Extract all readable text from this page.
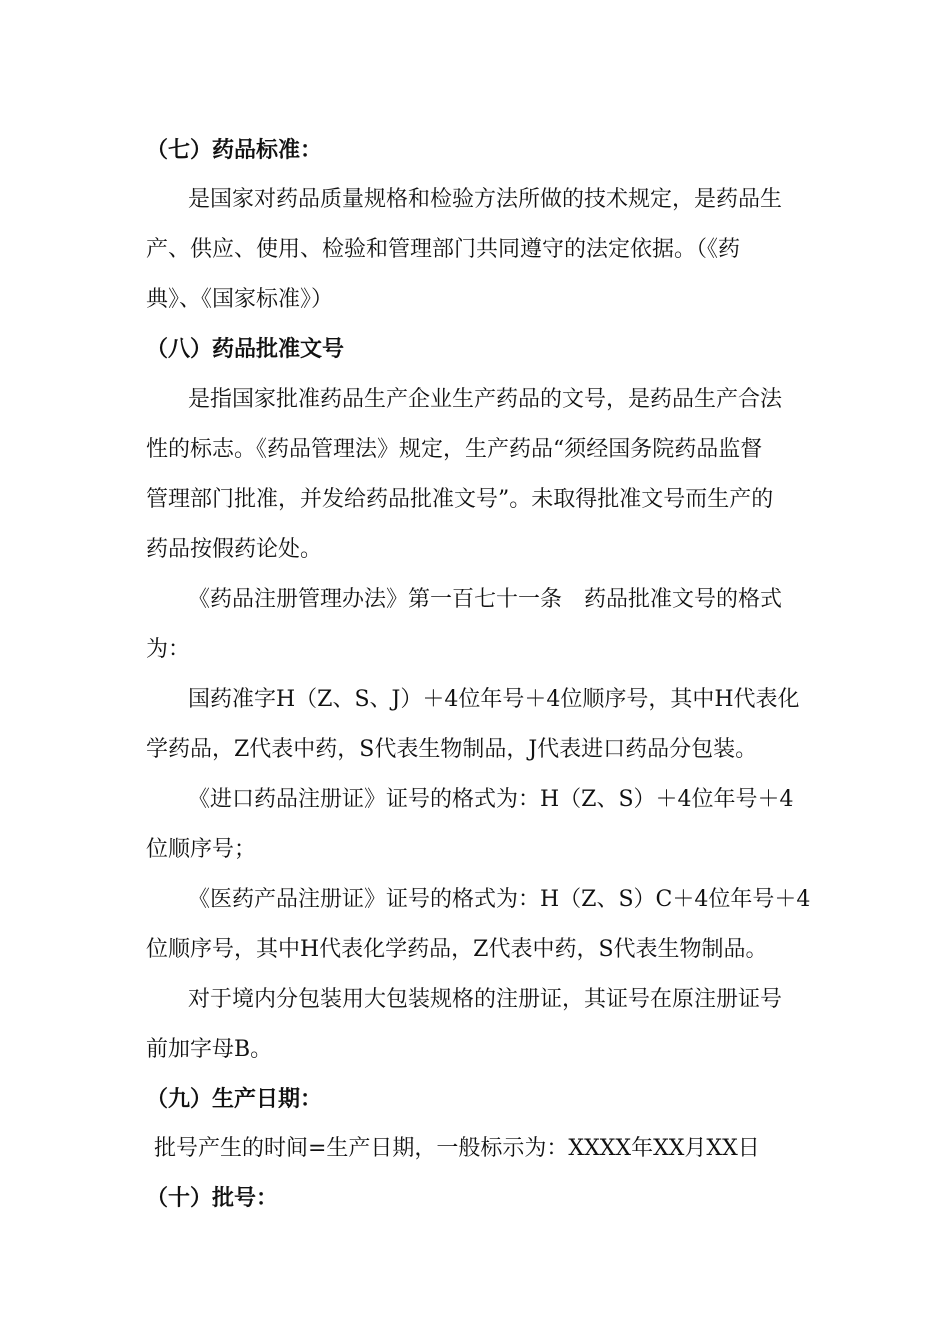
（七）药品标准：
是国家对药品质量规格和检验方法所做的技术规定，是药品生
产、供应、使用、检验和管理部门共同遵守的法定依据。（《药
典》、《国家标准》）
（八）药品批准文号
是指国家批准药品生产企业生产药品的文号，是药品生产合法
性的标志。《药品管理法》规定，生产药品“须经国务院药品监督
管理部门批准，并发给药品批准文号”。未取得批准文号而生产的
药品按假药论处。
《药品注册管理办法》第一百七十一条　药品批准文号的格式
为：
国药准字H（Z、S、J）＋4位年号＋4位顺序号，其中H代表化
学药品，Z代表中药，S代表生物制品，J代表进口药品分包装。
《进口药品注册证》证号的格式为：H（Z、S）＋4位年号＋4
位顺序号；
《医药产品注册证》证号的格式为：H（Z、S）C＋4位年号＋4
位顺序号，其中H代表化学药品，Z代表中药，S代表生物制品。
对于境内分包装用大包装规格的注册证，其证号在原注册证号
前加字母B。
（九）生产日期：
批号产生的时间=生产日期，一般标示为：XXXX年XX月XX日
（十）批号：
